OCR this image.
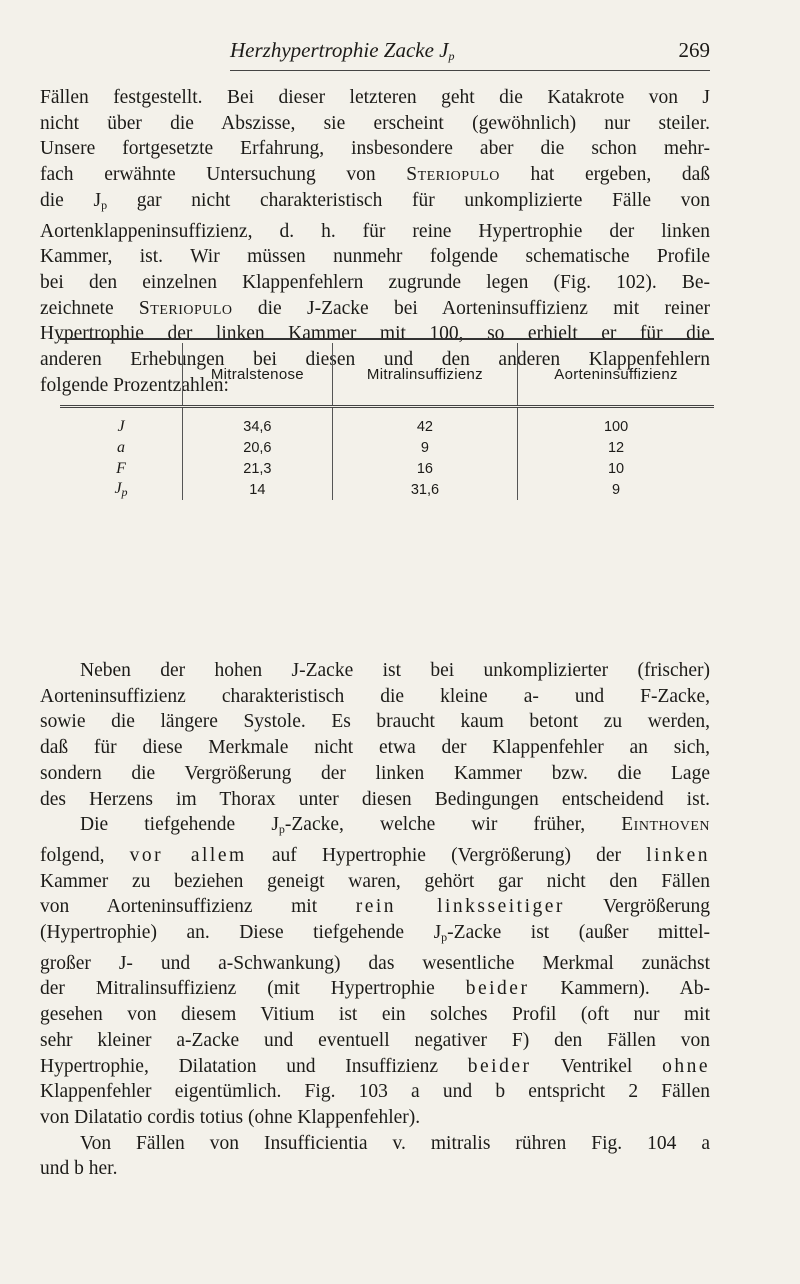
Herzhypertrophie Zacke $J_p$	269

Fällen festgestellt. Bei dieser letzteren geht die Katakrote von J
nicht über die Abszisse, sie erscheint (gewöhnlich) nur steiler.
Unsere fortgesetzte Erfahrung, insbesondere aber die schon mehr-
fach erwähnte Untersuchung von Steriopulo hat ergeben, daß
die $J_p$ gar nicht charakteristisch für unkomplizierte Fälle von
Aortenklappeninsuffizienz, d. h. für reine Hypertrophie der linken
Kammer, ist. Wir müssen nunmehr folgende schematische Profile
bei den einzelnen Klappenfehlern zugrunde legen (Fig. 102). Be-
zeichnete Steriopulo die J-Zacke bei Aorteninsuffizienz mit reiner
Hypertrophie der linken Kammer mit 100, so erhielt er für die
anderen Erhebungen bei diesen und den anderen Klappenfehlern
folgende Prozentzahlen:

	Mitralstenose	Mitralinsuffizienz	Aorteninsuffizienz
J	34,6	42	100
a	20,6	9	12
F	21,3	16	10
$J_p$	14	31,6	9

Neben der hohen J-Zacke ist bei unkomplizierter (frischer)
Aorteninsuffizienz charakteristisch die kleine a- und F-Zacke,
sowie die längere Systole. Es braucht kaum betont zu werden,
daß für diese Merkmale nicht etwa der Klappenfehler an sich,
sondern die Vergrößerung der linken Kammer bzw. die Lage
des Herzens im Thorax unter diesen Bedingungen entscheidend ist.
Die tiefgehende $J_p$-Zacke, welche wir früher, Einthoven
folgend, vor allem auf Hypertrophie (Vergrößerung) der linken
Kammer zu beziehen geneigt waren, gehört gar nicht den Fällen
von Aorteninsuffizienz mit rein linksseitiger Vergrößerung
(Hypertrophie) an. Diese tiefgehende $J_p$-Zacke ist (außer mittel-
großer J- und a-Schwankung) das wesentliche Merkmal zunächst
der Mitralinsuffizienz (mit Hypertrophie beider Kammern). Ab-
gesehen von diesem Vitium ist ein solches Profil (oft nur mit
sehr kleiner a-Zacke und eventuell negativer F) den Fällen von
Hypertrophie, Dilatation und Insuffizienz beider Ventrikel ohne
Klappenfehler eigentümlich. Fig. 103 a und b entspricht 2 Fällen
von Dilatatio cordis totius (ohne Klappenfehler).
Von Fällen von Insufficientia v. mitralis rühren Fig. 104 a
und b her.
